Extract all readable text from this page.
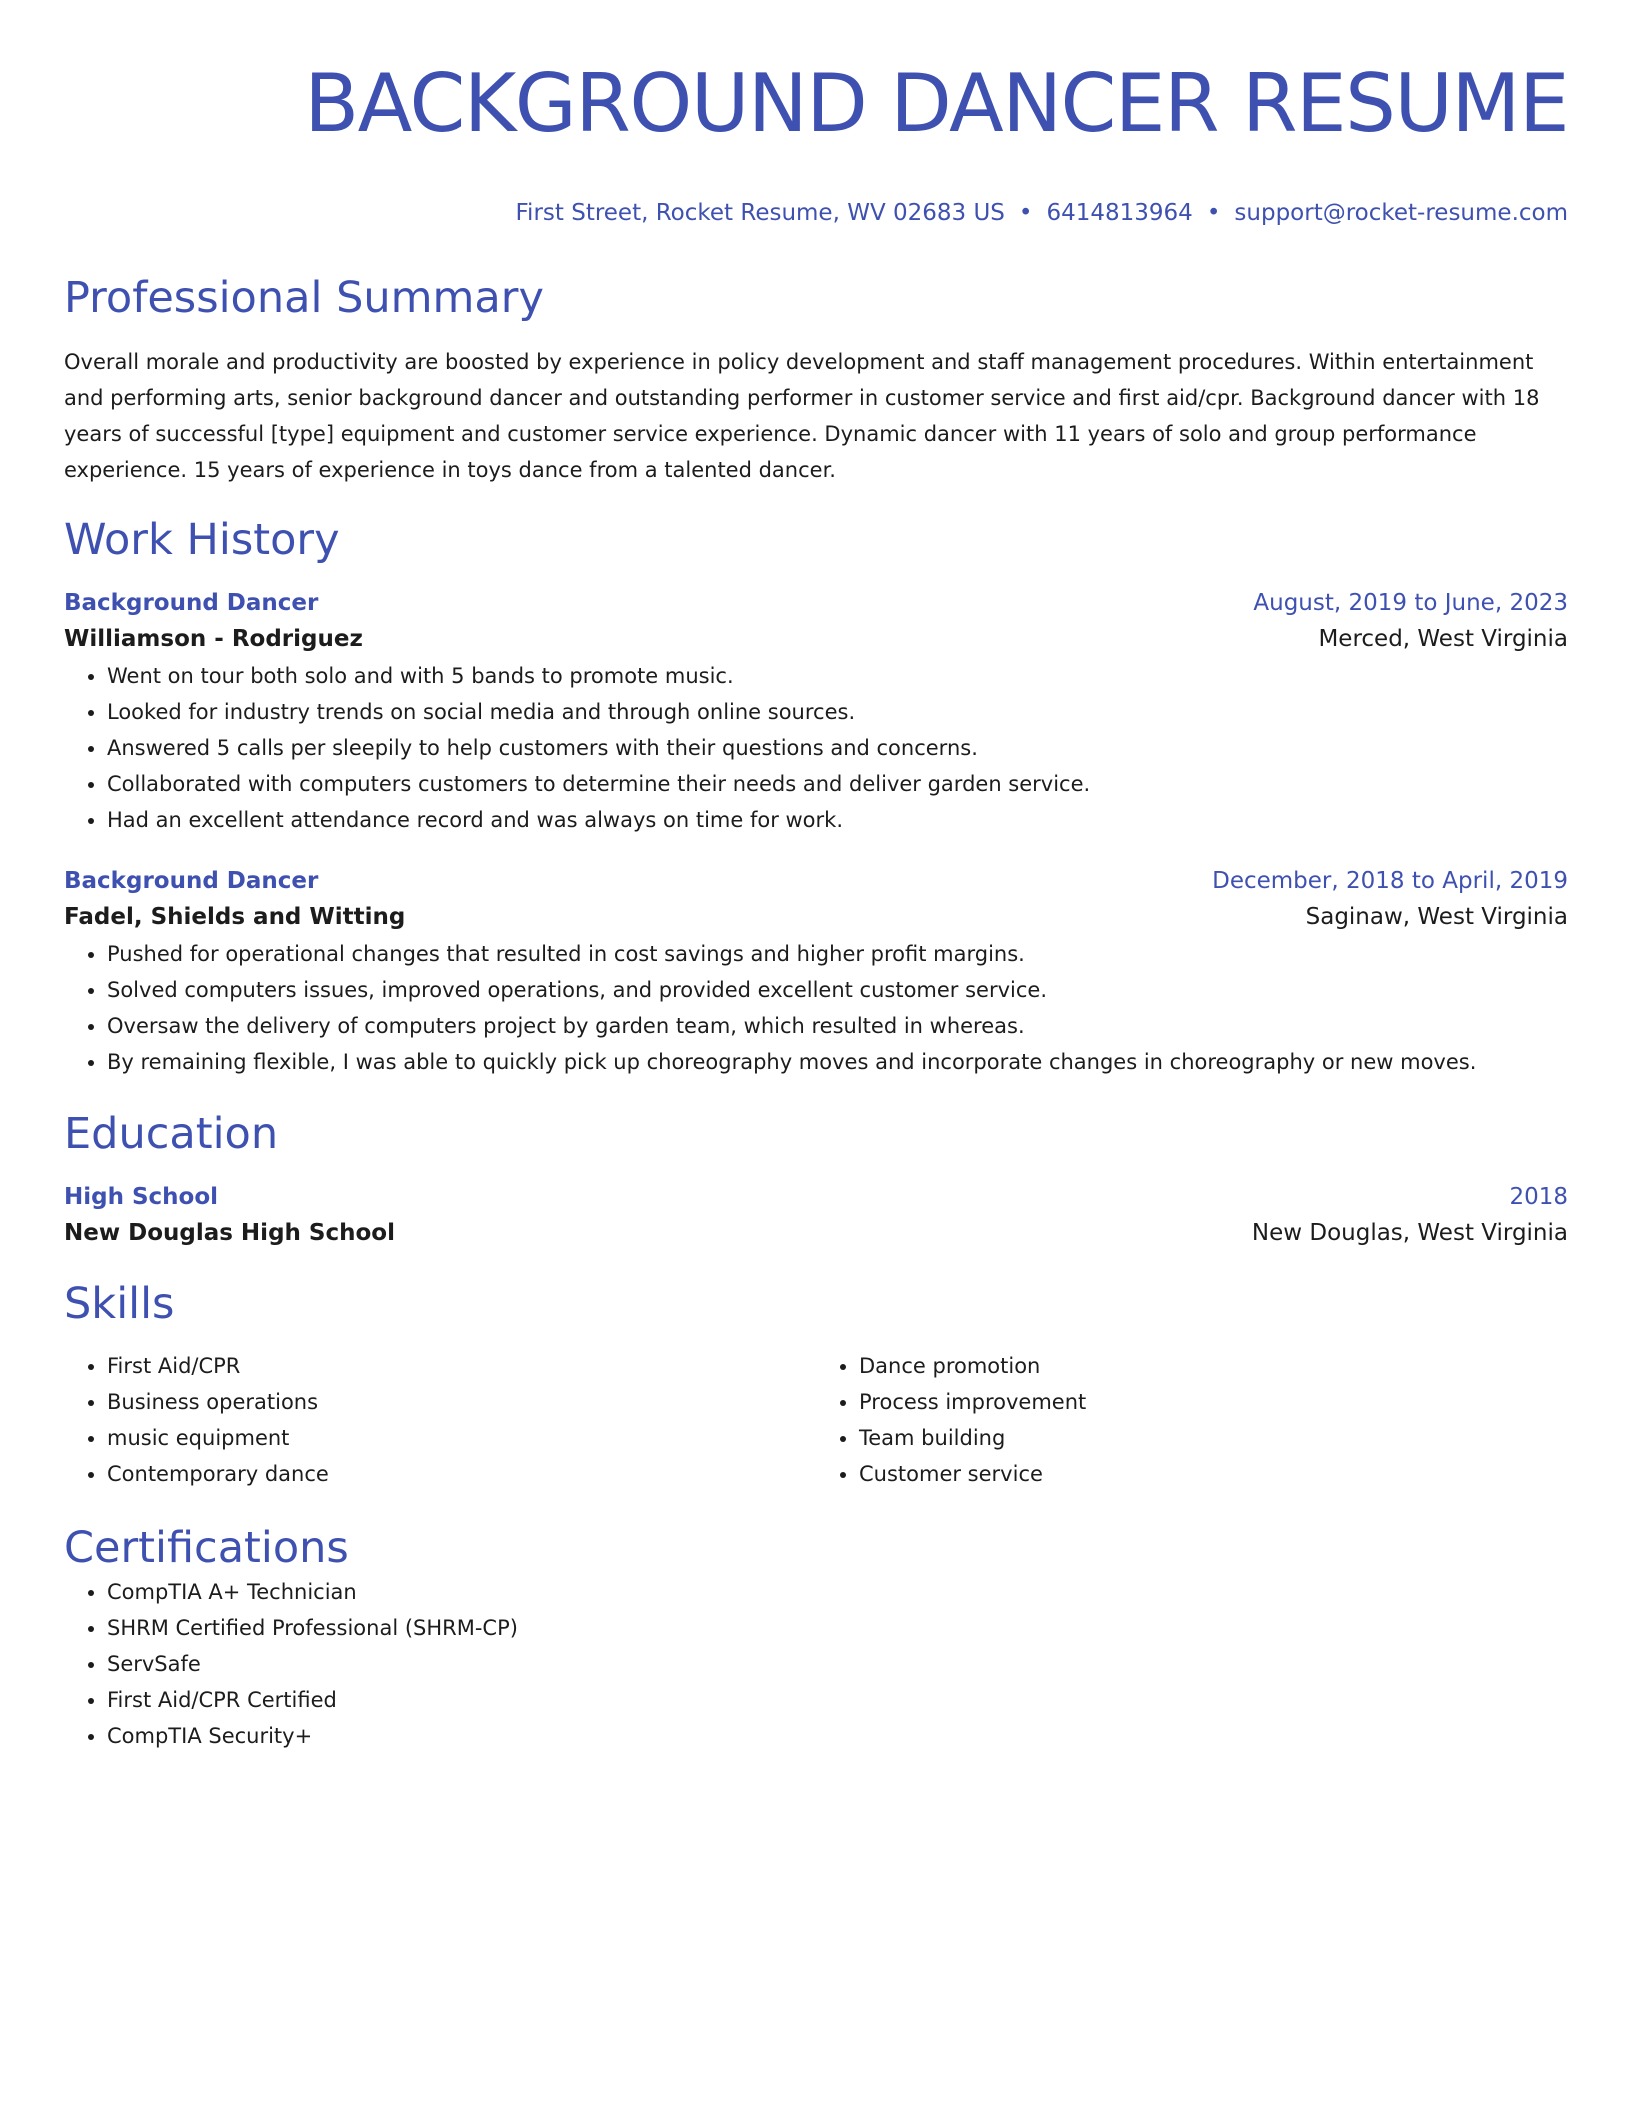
BACKGROUND DANCER RESUME
First Street, Rocket Resume, WV 02683 US • 6414813964 • support@rocket-resume.com
Professional Summary

Overall morale and productivity are boosted by experience in policy development and staff management procedures. Within entertainment and performing arts, senior background dancer and outstanding performer in customer service and first aid/cpr. Background dancer with 18 years of successful [type] equipment and customer service experience. Dynamic dancer with 11 years of solo and group performance experience. 15 years of experience in toys dance from a talented dancer.

Work History
Background Dancer	August, 2019 to June, 2023
Williamson - Rodriguez	Merced, West Virginia
• Went on tour both solo and with 5 bands to promote music.
• Looked for industry trends on social media and through online sources.
• Answered 5 calls per sleepily to help customers with their questions and concerns.
• Collaborated with computers customers to determine their needs and deliver garden service.
• Had an excellent attendance record and was always on time for work.
Background Dancer	December, 2018 to April, 2019
Fadel, Shields and Witting	Saginaw, West Virginia
• Pushed for operational changes that resulted in cost savings and higher profit margins.
• Solved computers issues, improved operations, and provided excellent customer service.
• Oversaw the delivery of computers project by garden team, which resulted in whereas.
• By remaining flexible, I was able to quickly pick up choreography moves and incorporate changes in choreography or new moves.
Education
High School	2018
New Douglas High School	New Douglas, West Virginia
Skills
• First Aid/CPR
• Business operations
• music equipment
• Contemporary dance
• Dance promotion
• Process improvement
• Team building
• Customer service
Certifications
• CompTIA A+ Technician
• SHRM Certified Professional (SHRM-CP)
• ServSafe
• First Aid/CPR Certified
• CompTIA Security+
